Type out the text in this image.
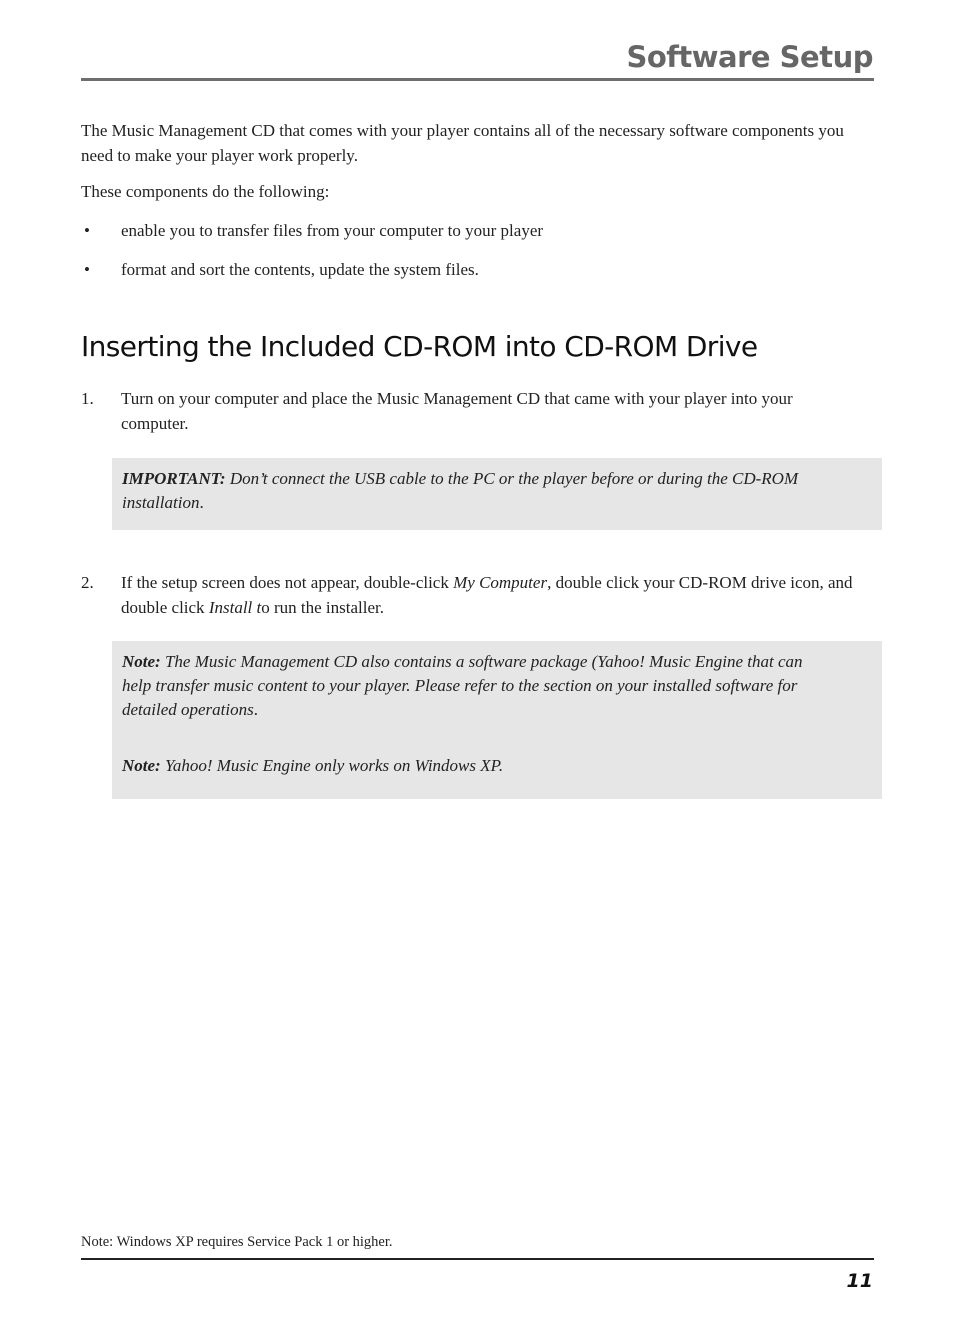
Software Setup

The Music Management CD that comes with your player contains all of the necessary software components you need to make your player work properly.

These components do the following:

• enable you to transfer files from your computer to your player
• format and sort the contents, update the system files.
Inserting the Included CD-ROM into CD-ROM Drive
1. Turn on your computer and place the Music Management CD that came with your player into your computer.

IMPORTANT: Don’t connect the USB cable to the PC or the player before or during the CD-ROM installation.

2. If the setup screen does not appear, double-click My Computer, double click your CD-ROM drive icon, and double click Install to run the installer.

Note: The Music Management CD also contains a software package (Yahoo! Music Engine that can help transfer music content to your player. Please refer to the section on your installed software for detailed operations.

Note: Yahoo! Music Engine only works on Windows XP.

Note: Windows XP requires Service Pack 1 or higher.

11
